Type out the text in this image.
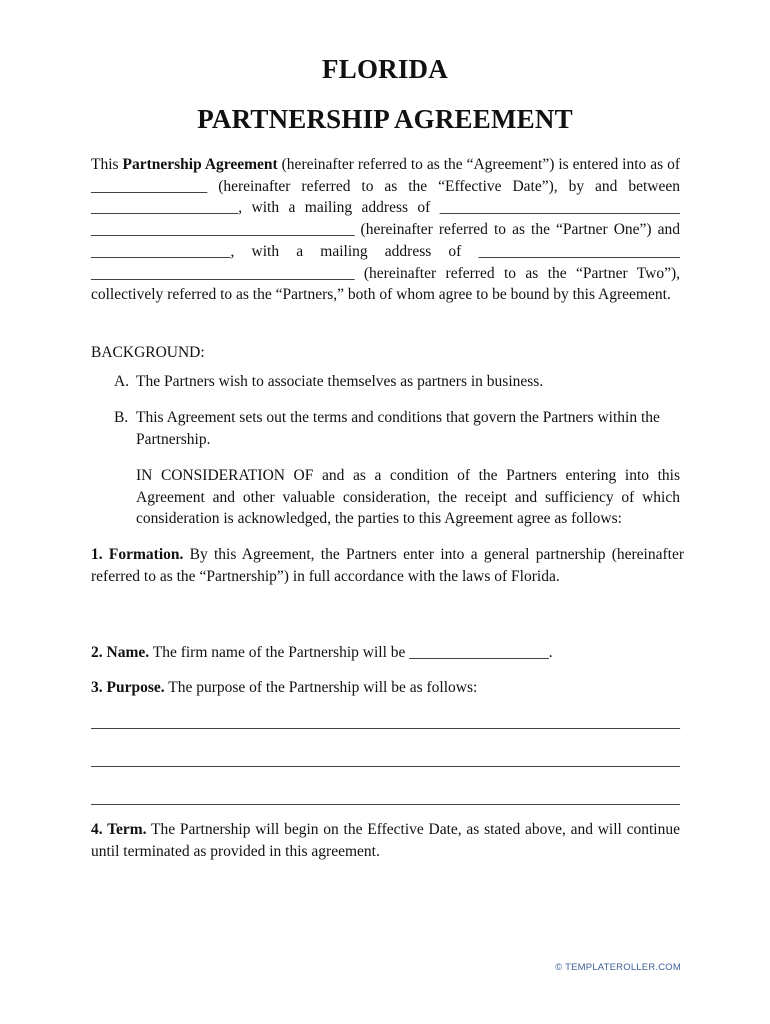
FLORIDA
PARTNERSHIP AGREEMENT
This Partnership Agreement (hereinafter referred to as the “Agreement”) is entered into as of _______________ (hereinafter referred to as the “Effective Date”), by and between ___________________, with a mailing address of _______________________________ __________________________________ (hereinafter referred to as the “Partner One”) and __________________, with a mailing address of __________________________ __________________________________ (hereinafter referred to as the “Partner Two”), collectively referred to as the “Partners,” both of whom agree to be bound by this Agreement.
BACKGROUND:
A. The Partners wish to associate themselves as partners in business.
B. This Agreement sets out the terms and conditions that govern the Partners within the Partnership.
IN CONSIDERATION OF and as a condition of the Partners entering into this Agreement and other valuable consideration, the receipt and sufficiency of which consideration is acknowledged, the parties to this Agreement agree as follows:
1. Formation. By this Agreement, the Partners enter into a general partnership (hereinafter referred to as the “Partnership”) in full accordance with the laws of Florida.
2. Name. The firm name of the Partnership will be __________________.
3. Purpose. The purpose of the Partnership will be as follows:
____________________________________________________________________________
____________________________________________________________________________
____________________________________________________________________________
4. Term. The Partnership will begin on the Effective Date, as stated above, and will continue until terminated as provided in this agreement.
© TEMPLATEROLLER.COM
